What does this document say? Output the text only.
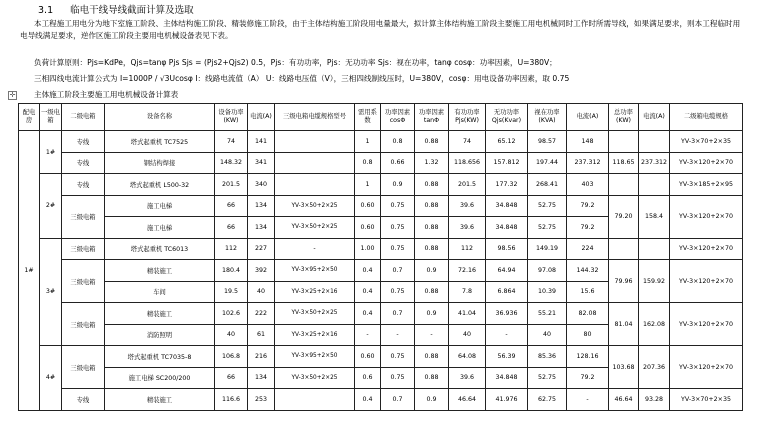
3.1 临电干线导线截面计算及选取
本工程施工用电分为地下室施工阶段、主体结构施工阶段、精装修施工阶段，由于主体结构施工阶段用电量最大，拟计算主体结构施工阶段主要施工用电机械同时工作时所需导线，如果满足要求，则本工程临时用电导线满足要求，逆作区施工阶段主要用电机械设备表见下表。
负荷计算原则：Pjs=KdPe，Qjs=tanφ Pjs Sjs = (Pjs2+Qjs2) 0.5，Pjs：有功功率，Pjs：无功功率 Sjs：视在功率，tanφ cosφ：功率因素，U=380V；
三相四线电流计算公式为 I=1000P / √3Ucosφ I：线路电流值（A） U：线路电压值（V），三相四线制线压时，U=380V，cosφ：用电设备功率因素，取 0.75
✛ 主体施工阶段主要施工用电机械设备计算表
配电房	一级电箱	二级电箱	设备名称	设备功率(KW)	电流(A)	三级电箱电缆规格型号	需用系数	功率因素cosΦ	功率因素tanΦ	有功功率Pjs(KW)	无功功率Qjs(Kvar)	视在功率(KVA)	电流(A)	总功率(KW)	电流(A)	二级箱电缆规格
1#	1#	专线	塔式起重机 TC7525	74	141		1	0.8	0.88	74	65.12	98.57	148			YV-3×70+2×35
		专线	钢结构焊接	148.32	341		0.8	0.66	1.32	118.656	157.812	197.44	237.312	118.65	237.312	YV-3×120+2×70
	2#	专线	塔式起重机 L500-32	201.5	340		1	0.9	0.88	201.5	177.32	268.41	403			YV-3×185+2×95
		三级电箱	施工电梯	66	134	YV-3×50+2×25	0.60	0.75	0.88	39.6	34.848	52.75	79.2	79.20	158.4	YV-3×120+2×70
			施工电梯	66	134	YV-3×50+2×25	0.60	0.75	0.88	39.6	34.848	52.75	79.2			
	3#	三级电箱	塔式起重机 TC6013	112	227	-	1.00	0.75	0.88	112	98.56	149.19	224			YV-3×120+2×70
		三级电箱	精装施工	180.4	392	YV-3×95+2×50	0.4	0.7	0.9	72.16	64.94	97.08	144.32	79.96	159.92	YV-3×120+2×70
			车间	19.5	40	YV-3×25+2×16	0.4	0.75	0.88	7.8	6.864	10.39	15.6			
		三级电箱	精装施工	102.6	222	YV-3×50+2×25	0.4	0.7	0.9	41.04	36.936	55.21	82.08	81.04	162.08	YV-3×120+2×70
			消防照明	40	61	YV-3×25+2×16	-	-	-	40	-	40	80			
	4#	三级电箱	塔式起重机 TC7035-8	106.8	216	YV-3×95+2×50	0.60	0.75	0.88	64.08	56.39	85.36	128.16	103.68	207.36	YV-3×120+2×70
			施工电梯 SC200/200	66	134	YV-3×50+2×25	0.6	0.75	0.88	39.6	34.848	52.75	79.2			
		专线	精装施工	116.6	253		0.4	0.7	0.9	46.64	41.976	62.75	-	46.64	93.28	YV-3×70+2×35
